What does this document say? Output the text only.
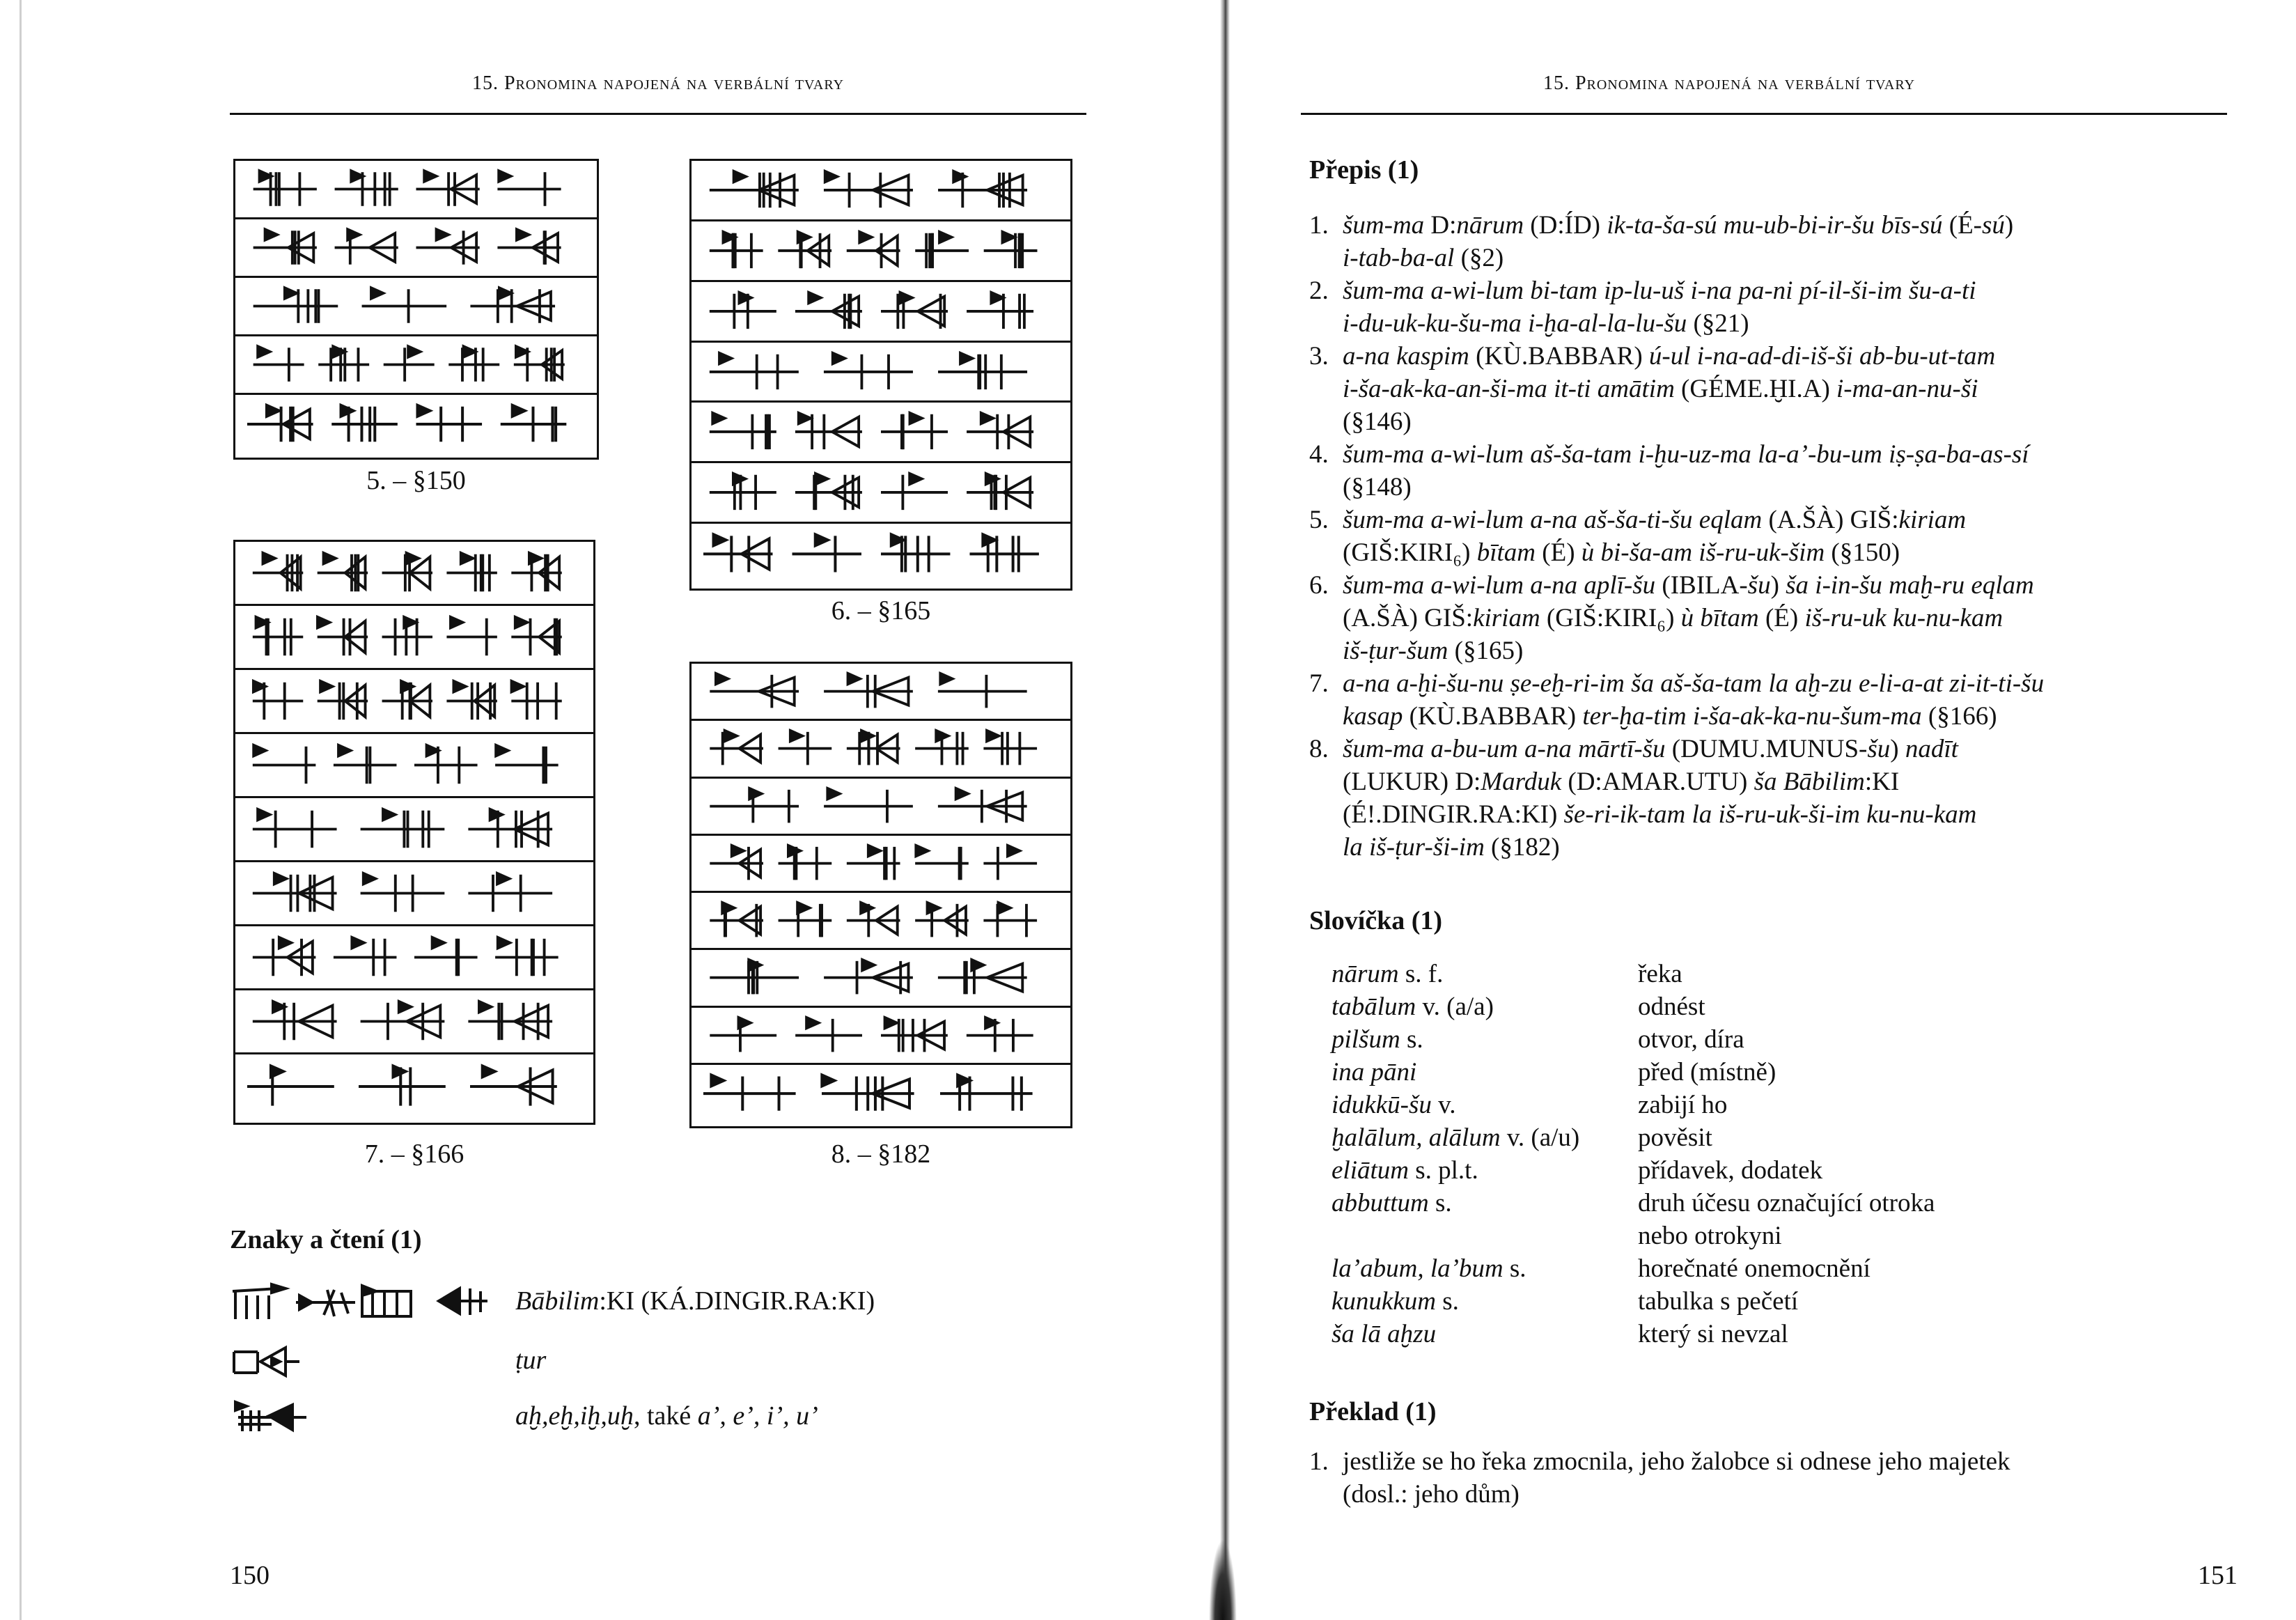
15. Pronomina napojená na verbální tvary
5. – §150
6. – §165
7. – §166	8. – §182
Znaky a čtení (1)
Bābilim:KI (KÁ.DINGIR.RA:KI)
ṭur
aḫ,eḫ,iḫ,uḫ, také a’, e’, i’, u’
150
15. Pronomina napojená na verbální tvary
Přepis (1)
Slovíčka (1)
Překlad (1)
151
1. šum-ma D:nārum (D:ÍD) ik-ta-ša-sú mu-ub-bi-ir-šu bīs-sú (É-sú)
i-tab-ba-al (§2)
2. šum-ma a-wi-lum bi-tam ip-lu-uš i-na pa-ni pí-il-ši-im šu-a-ti
i-du-uk-ku-šu-ma i-ḫa-al-la-lu-šu (§21)
3. a-na kaspim (KÙ.BABBAR) ú-ul i-na-ad-di-iš-ši ab-bu-ut-tam
i-ša-ak-ka-an-ši-ma it-ti amātim (GÉME.ḪI.A) i-ma-an-nu-ši
(§146)
4. šum-ma a-wi-lum aš-ša-tam i-ḫu-uz-ma la-a’-bu-um iṣ-ṣa-ba-as-sí
(§148)
5. šum-ma a-wi-lum a-na aš-ša-ti-šu eqlam (A.ŠÀ) GIŠ:kiriam
(GIŠ:KIRI₆) bītam (É) ù bi-ša-am iš-ru-uk-šim (§150)
6. šum-ma a-wi-lum a-na aplī-šu (IBILA-šu) ša i-in-šu maḫ-ru eqlam
(A.ŠÀ) GIŠ:kiriam (GIŠ:KIRI₆) ù bītam (É) iš-ru-uk ku-nu-kam
iš-ṭur-šum (§165)
7. a-na a-ḫi-šu-nu ṣe-eḫ-ri-im ša aš-ša-tam la aḫ-zu e-li-a-at zi-it-ti-šu
kasap (KÙ.BABBAR) ter-ḫa-tim i-ša-ak-ka-nu-šum-ma (§166)
8. šum-ma a-bu-um a-na mārtī-šu (DUMU.MUNUS-šu) nadīt
(LUKUR) D:Marduk (D:AMAR.UTU) ša Bābilim:KI
(É!.DINGIR.RA:KI) še-ri-ik-tam la iš-ru-uk-ši-im ku-nu-kam
la iš-ṭur-ši-im (§182)
nārum s. f.	řeka
tabālum v. (a/a)	odnést
pilšum s.	otvor, díra
ina pāni	před (místně)
idukkū-šu v.	zabijí ho
ḫalālum, alālum v. (a/u) pověsit
eliātum s. pl.t.	přídavek, dodatek
abbuttum s.	druh účesu označující otroka
nebo otrokyni
la’abum, la’bum s.	horečnaté onemocnění
kunukkum s.	tabulka s pečetí
ša lā aḫzu	který si nevzal
1. jestliže se ho řeka zmocnila, jeho žalobce si odnese jeho majetek
(dosl.: jeho dům)
